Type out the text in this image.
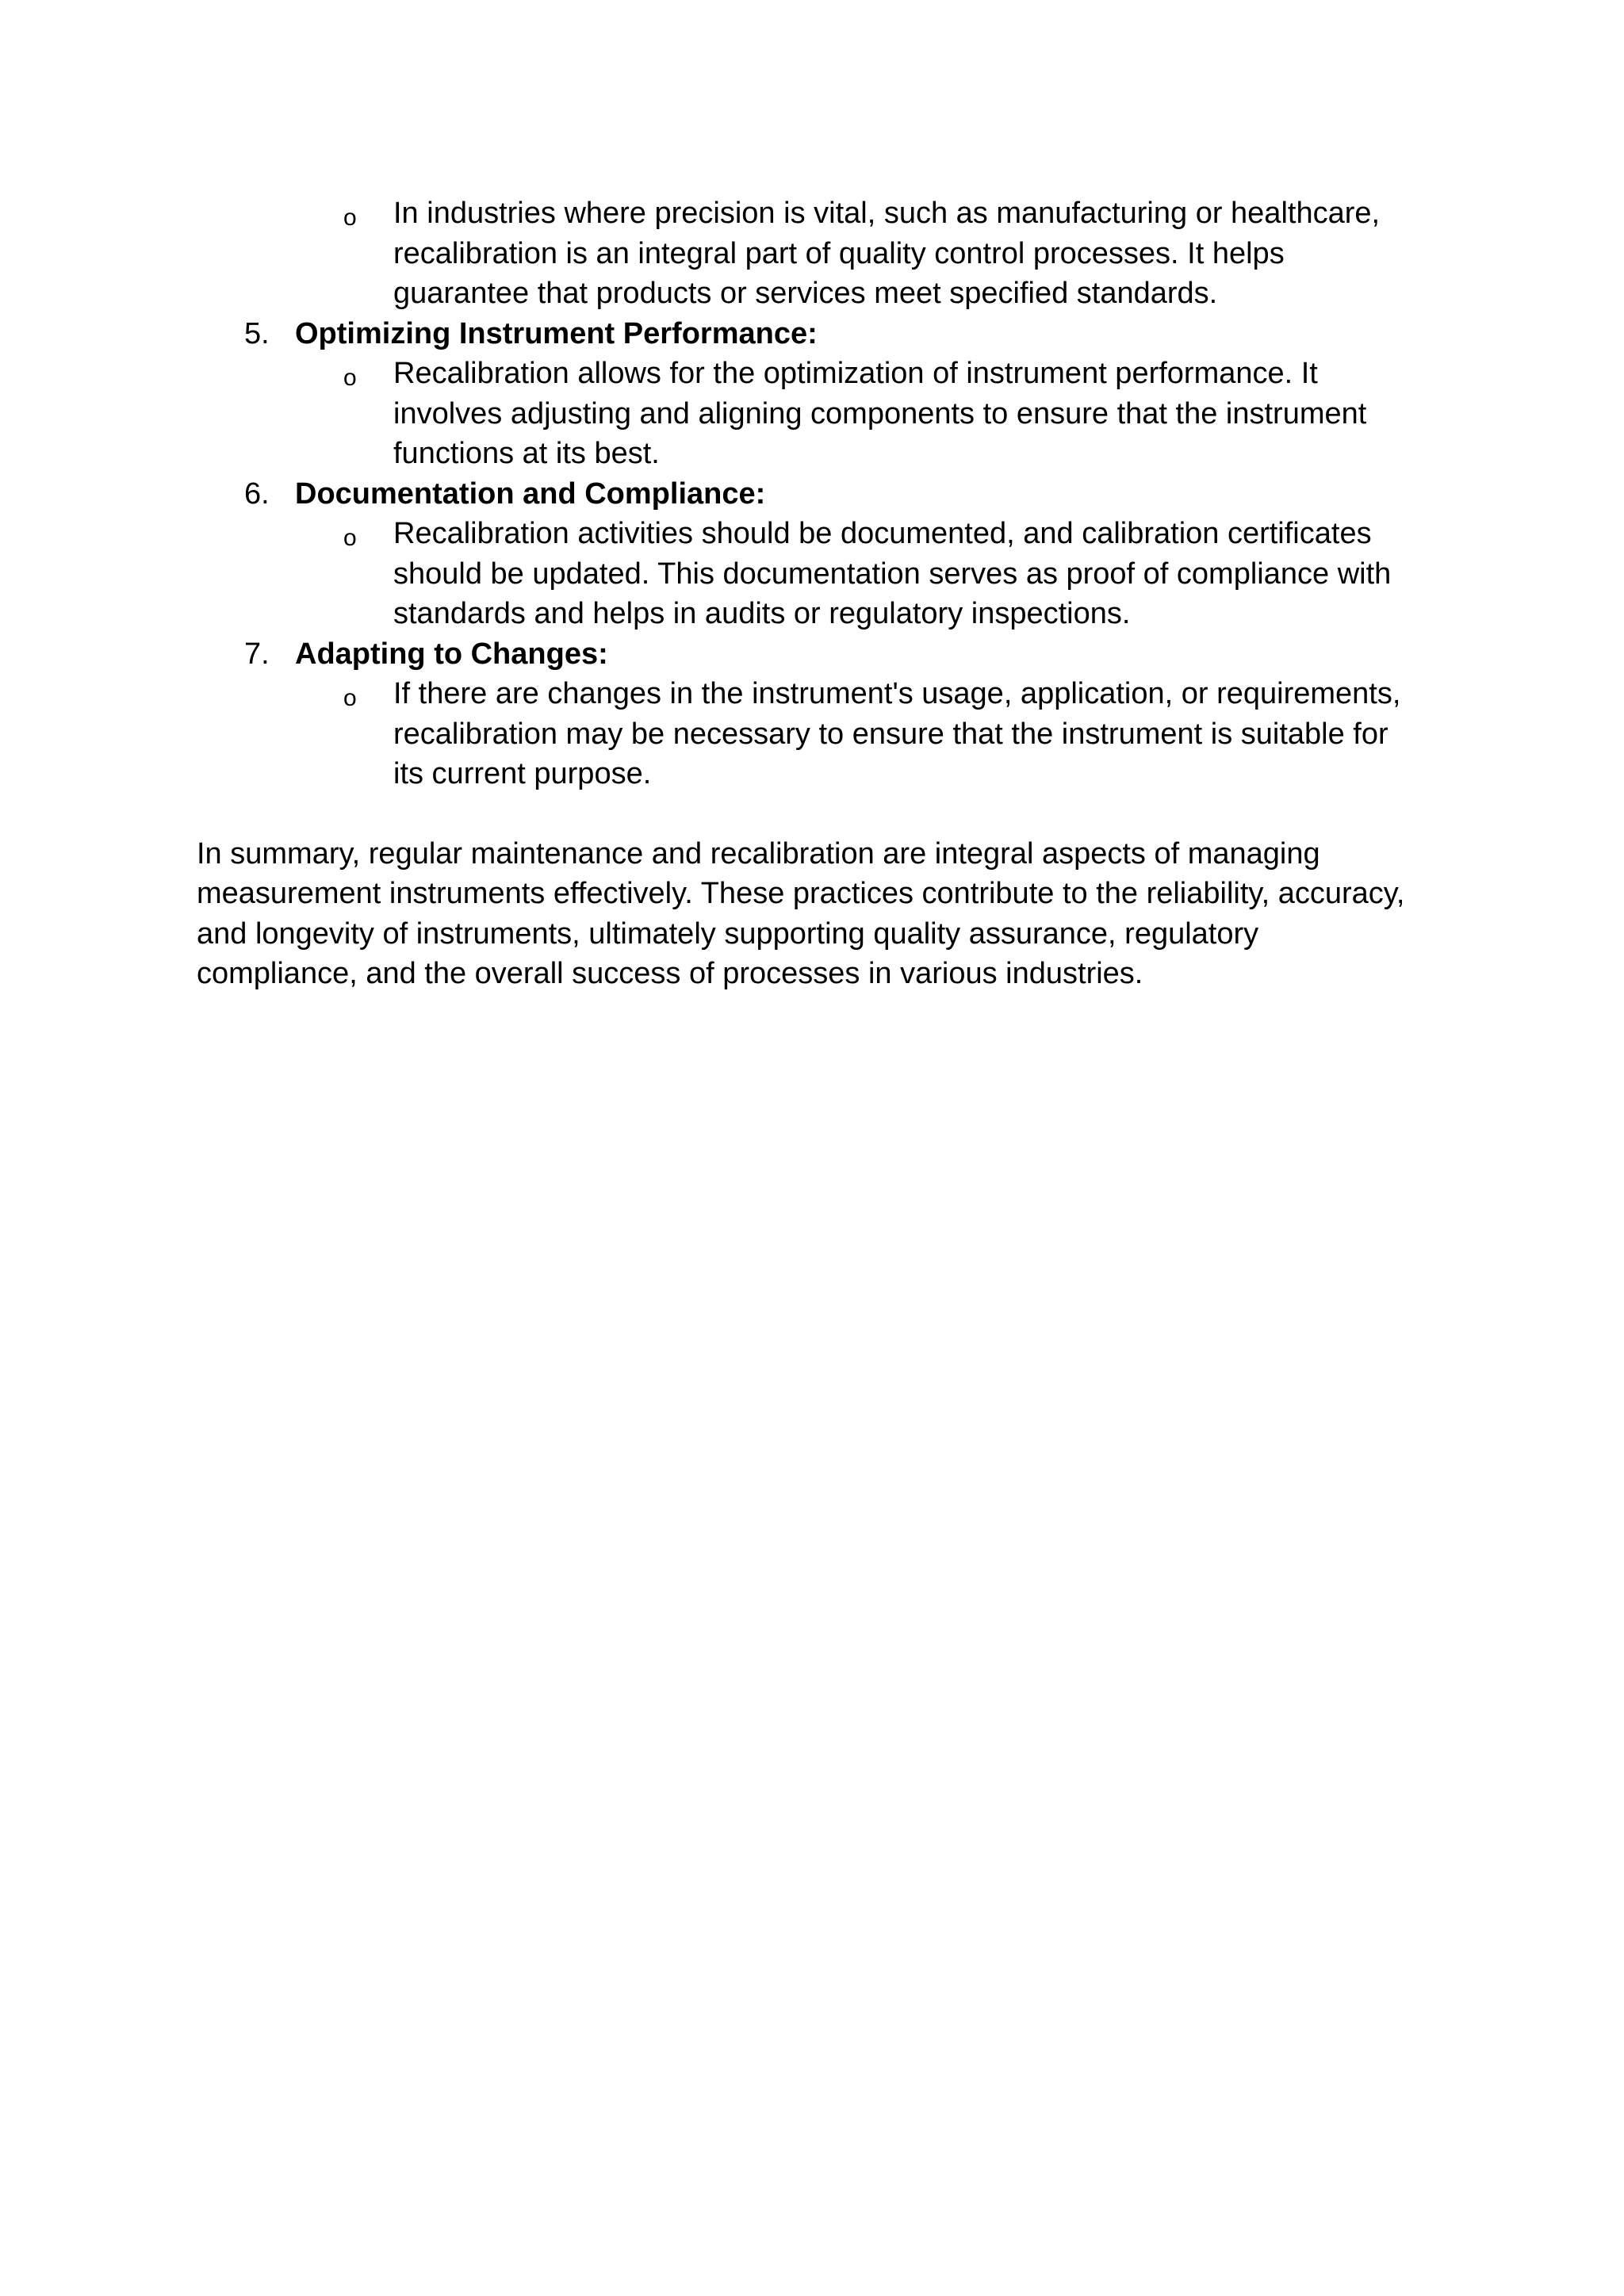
o In industries where precision is vital, such as manufacturing or healthcare,
recalibration is an integral part of quality control processes. It helps
guarantee that products or services meet specified standards.
5. Optimizing Instrument Performance:
o Recalibration allows for the optimization of instrument performance. It
involves adjusting and aligning components to ensure that the instrument
functions at its best.
6. Documentation and Compliance:
o Recalibration activities should be documented, and calibration certificates
should be updated. This documentation serves as proof of compliance with
standards and helps in audits or regulatory inspections.
7. Adapting to Changes:
o If there are changes in the instrument's usage, application, or requirements,
recalibration may be necessary to ensure that the instrument is suitable for
its current purpose.
In summary, regular maintenance and recalibration are integral aspects of managing
measurement instruments effectively. These practices contribute to the reliability, accuracy,
and longevity of instruments, ultimately supporting quality assurance, regulatory
compliance, and the overall success of processes in various industries.
